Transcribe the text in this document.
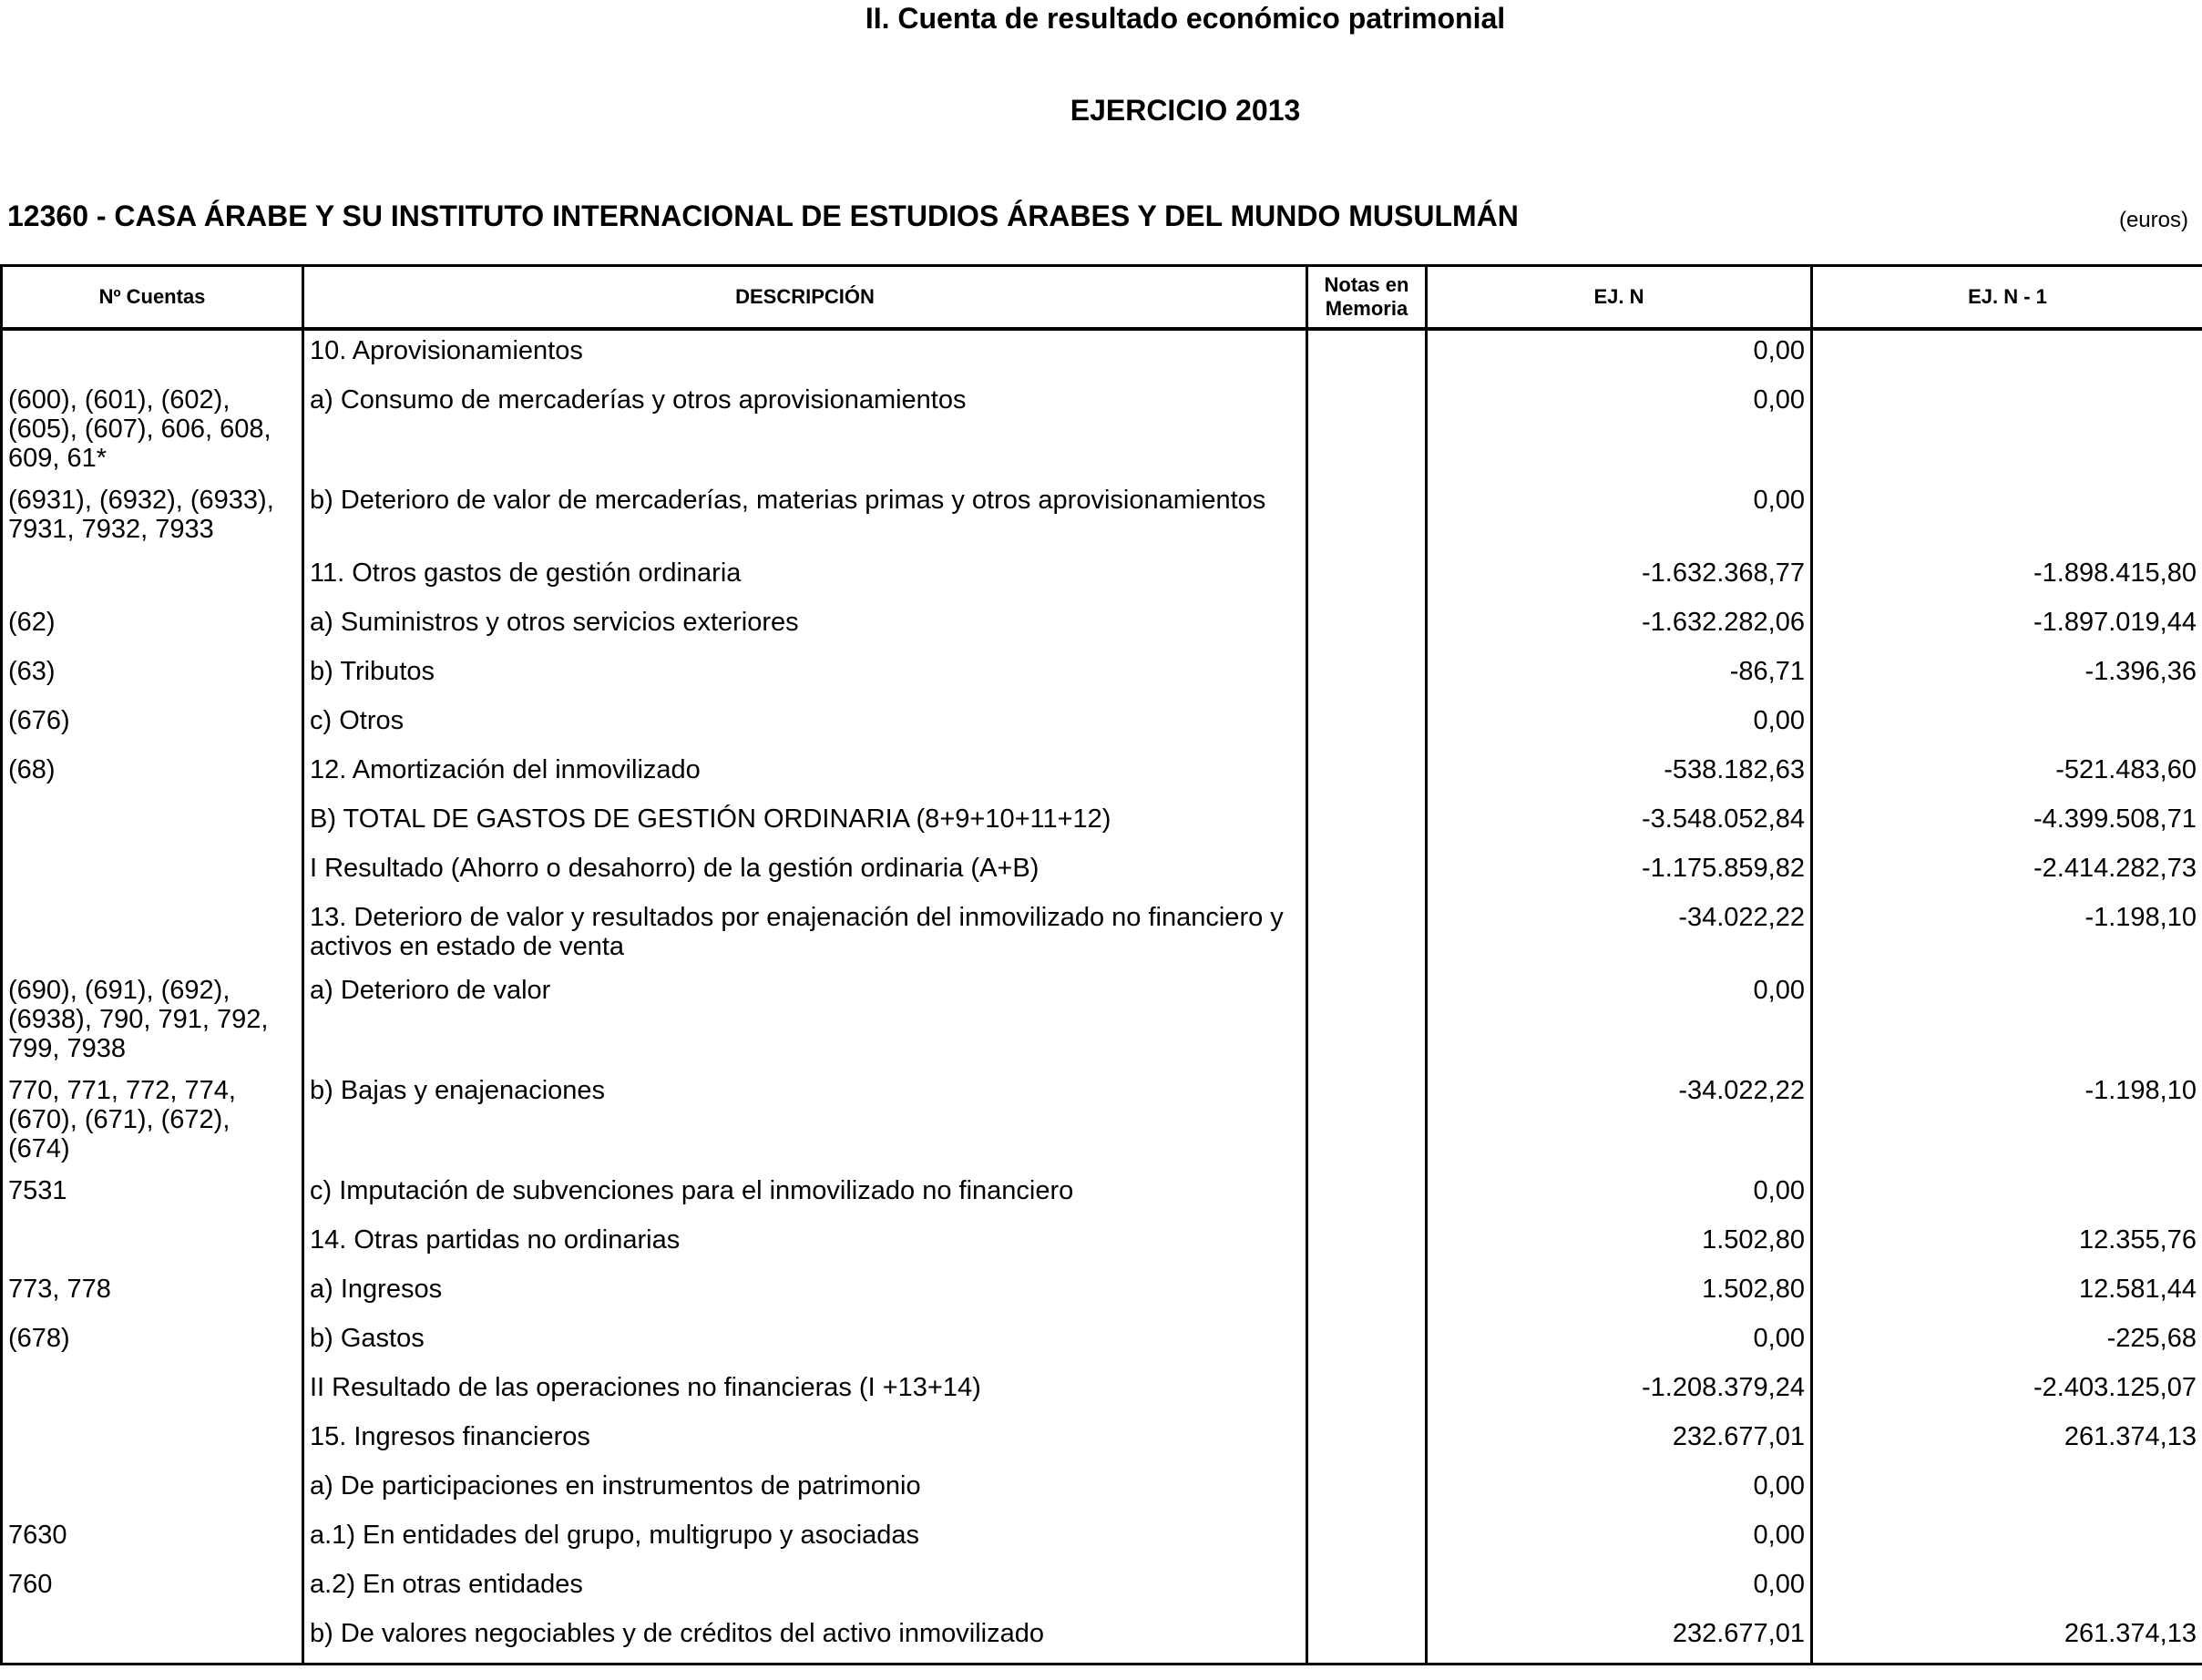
II. Cuenta de resultado económico patrimonial
EJERCICIO 2013
12360 - CASA ÁRABE Y SU INSTITUTO INTERNACIONAL DE ESTUDIOS ÁRABES Y DEL MUNDO MUSULMÁN	(euros)
Nº Cuentas	DESCRIPCIÓN	Notas en Memoria	EJ. N	EJ. N - 1
	10. Aprovisionamientos		0,00	
(600), (601), (602), (605), (607), 606, 608, 609, 61*	a) Consumo de mercaderías y otros aprovisionamientos		0,00	
(6931), (6932), (6933), 7931, 7932, 7933	b) Deterioro de valor de mercaderías, materias primas y otros aprovisionamientos		0,00	
	11. Otros gastos de gestión ordinaria		-1.632.368,77	-1.898.415,80
(62)	a) Suministros y otros servicios exteriores		-1.632.282,06	-1.897.019,44
(63)	b) Tributos		-86,71	-1.396,36
(676)	c) Otros		0,00	
(68)	12. Amortización del inmovilizado		-538.182,63	-521.483,60
	B) TOTAL DE GASTOS DE GESTIÓN ORDINARIA (8+9+10+11+12)		-3.548.052,84	-4.399.508,71
	I Resultado (Ahorro o desahorro) de la gestión ordinaria (A+B)		-1.175.859,82	-2.414.282,73
	13. Deterioro de valor y resultados por enajenación del inmovilizado no financiero y activos en estado de venta		-34.022,22	-1.198,10
(690), (691), (692), (6938), 790, 791, 792, 799, 7938	a) Deterioro de valor		0,00	
770, 771, 772, 774, (670), (671), (672), (674)	b) Bajas y enajenaciones		-34.022,22	-1.198,10
7531	c) Imputación de subvenciones para el inmovilizado no financiero		0,00	
	14. Otras partidas no ordinarias		1.502,80	12.355,76
773, 778	a) Ingresos		1.502,80	12.581,44
(678)	b) Gastos		0,00	-225,68
	II Resultado de las operaciones no financieras (I +13+14)		-1.208.379,24	-2.403.125,07
	15. Ingresos financieros		232.677,01	261.374,13
	a) De participaciones en instrumentos de patrimonio		0,00	
7630	a.1) En entidades del grupo, multigrupo y asociadas		0,00	
760	a.2) En otras entidades		0,00	
	b) De valores negociables y de créditos del activo inmovilizado		232.677,01	261.374,13
